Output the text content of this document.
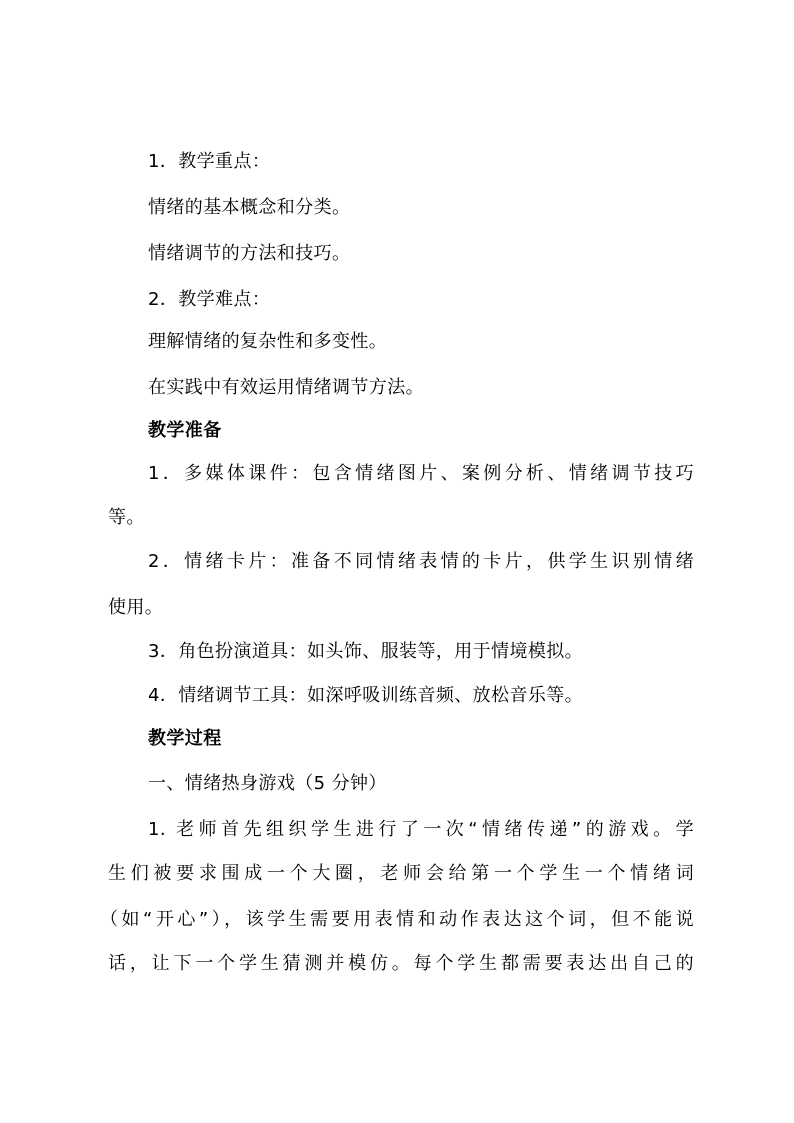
1．教学重点：
情绪的基本概念和分类。
情绪调节的方法和技巧。
2．教学难点：
理解情绪的复杂性和多变性。
在实践中有效运用情绪调节方法。
教学准备
1．多媒体课件：包含情绪图片、案例分析、情绪调节技巧
等。
2．情绪卡片：准备不同情绪表情的卡片，供学生识别情绪
使用。
3．角色扮演道具：如头饰、服装等，用于情境模拟。
4．情绪调节工具：如深呼吸训练音频、放松音乐等。
教学过程
一、情绪热身游戏（5 分钟）
1. 老师首先组织学生进行了一次“情绪传递”的游戏。学
生们被要求围成一个大圈，老师会给第一个学生一个情绪词
（如“开心”），该学生需要用表情和动作表达这个词，但不能说
话，让下一个学生猜测并模仿。每个学生都需要表达出自己的
